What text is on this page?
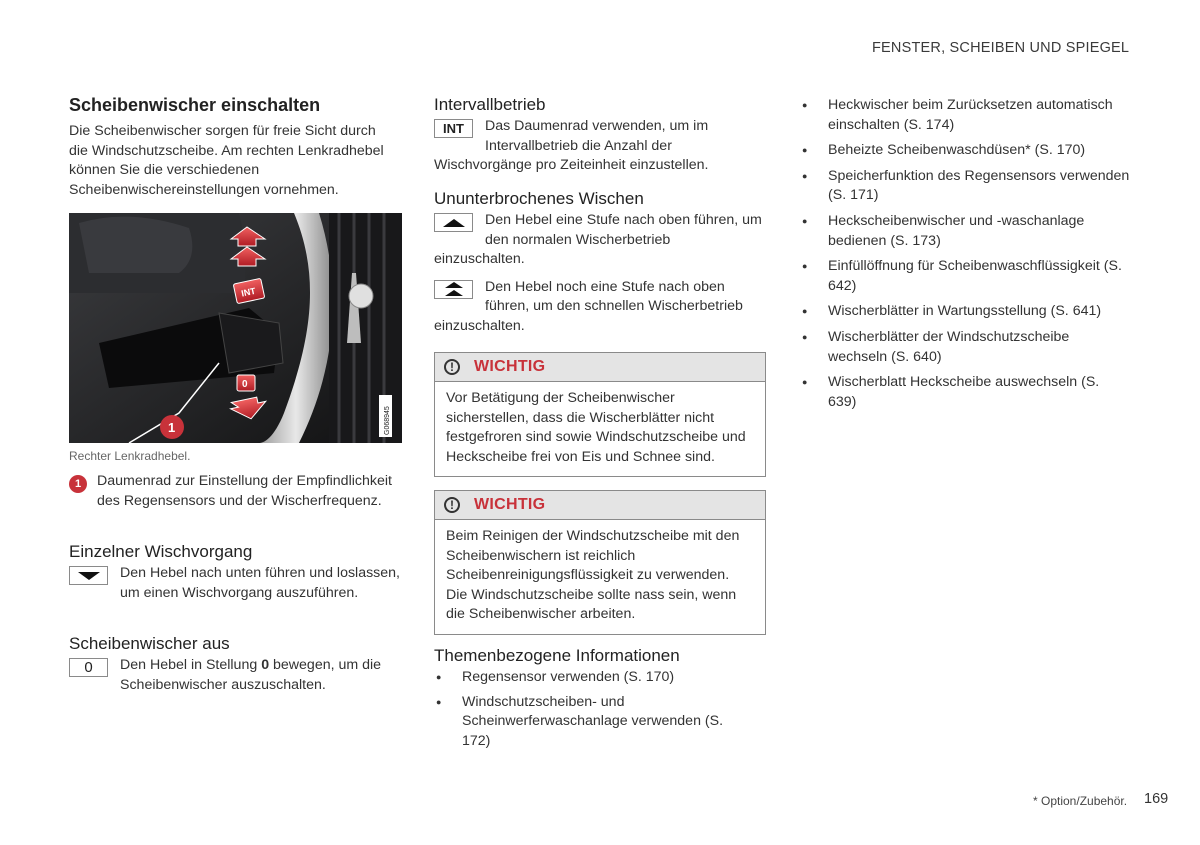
FENSTER, SCHEIBEN UND SPIEGEL
Scheibenwischer einschalten

Die Scheibenwischer sorgen für freie Sicht durch die Windschutzscheibe. Am rechten Lenkradhebel können Sie die verschiedenen Scheibenwischereinstellungen vornehmen.

INT
0
1	G068945
Rechter Lenkradhebel.
1	Daumenrad zur Einstellung der Empfindlichkeit des Regensensors und der Wischerfrequenz.

Einzelner Wischvorgang
Den Hebel nach unten führen und loslassen, um einen Wischvorgang auszuführen.
Scheibenwischer aus
0	Den Hebel in Stellung 0 bewegen, um die Scheibenwischer auszuschalten.
Intervallbetrieb
INT	Das Daumenrad verwenden, um im Intervallbetrieb die Anzahl der Wischvorgänge pro Zeiteinheit einzustellen.
Ununterbrochenes Wischen
Den Hebel eine Stufe nach oben führen, um den normalen Wischerbetrieb einzuschalten.
Den Hebel noch eine Stufe nach oben führen, um den schnellen Wischerbetrieb einzuschalten.
!	WICHTIG
Vor Betätigung der Scheibenwischer sicherstellen, dass die Wischerblätter nicht festgefroren sind sowie Windschutzscheibe und Heckscheibe frei von Eis und Schnee sind.
!	WICHTIG
Beim Reinigen der Windschutzscheibe mit den Scheibenwischern ist reichlich Scheibenreinigungsflüssigkeit zu verwenden. Die Windschutzscheibe sollte nass sein, wenn die Scheibenwischer arbeiten.
Themenbezogene Informationen
● Regensensor verwenden (S. 170)
● Windschutzscheiben- und Scheinwerferwaschanlage verwenden (S. 172)
● Heckwischer beim Zurücksetzen automatisch einschalten (S. 174)
● Beheizte Scheibenwaschdüsen* (S. 170)
● Speicherfunktion des Regensensors verwenden (S. 171)
● Heckscheibenwischer und -waschanlage bedienen (S. 173)
● Einfüllöffnung für Scheibenwaschflüssigkeit (S. 642)
● Wischerblätter in Wartungsstellung (S. 641)
● Wischerblätter der Windschutzscheibe wechseln (S. 640)
● Wischerblatt Heckscheibe auswechseln (S. 639)
* Option/Zubehör. 169
